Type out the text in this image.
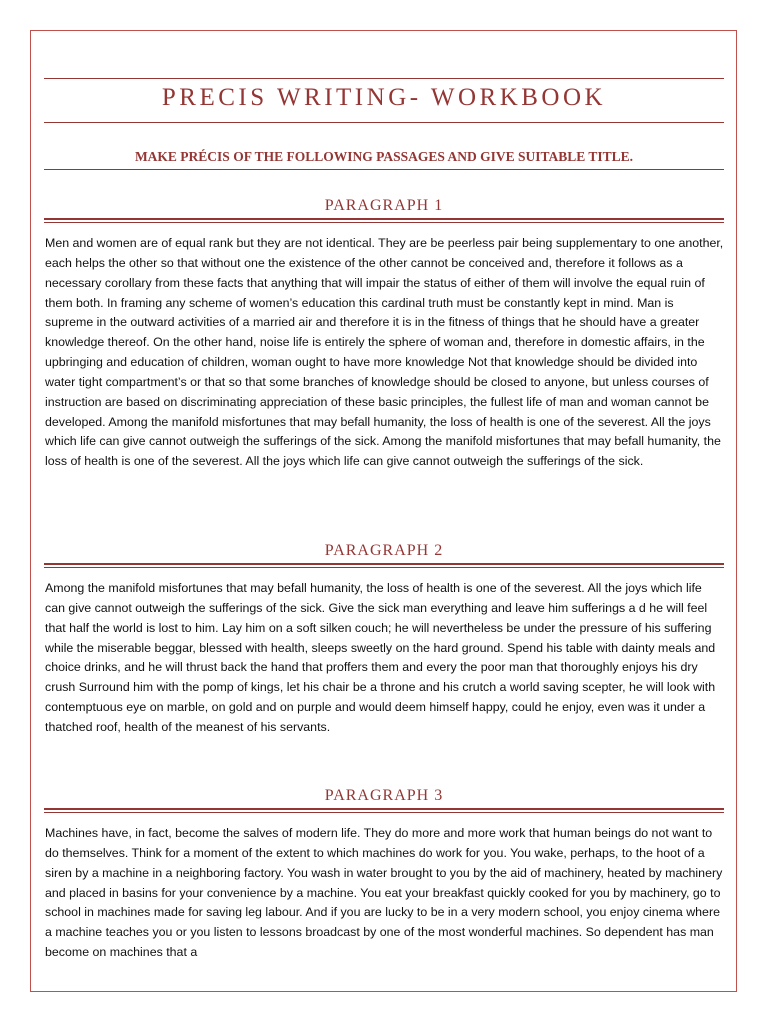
PRECIS WRITING- WORKBOOK
MAKE PRÉCIS OF THE FOLLOWING PASSAGES AND GIVE SUITABLE TITLE.
PARAGRAPH 1

Men and women are of equal rank but they are not identical. They are be peerless pair being supplementary to one another, each helps the other so that without one the existence of the other cannot be conceived and, therefore it follows as a necessary corollary from these facts that anything that will impair the status of either of them will involve the equal ruin of them both. In framing any scheme of women’s education this cardinal truth must be constantly kept in mind. Man is supreme in the outward activities of a married air and therefore it is in the fitness of things that he should have a greater knowledge thereof. On the other hand, noise life is entirely the sphere of woman and, therefore in domestic affairs, in the upbringing and education of children, woman ought to have more knowledge Not that knowledge should be divided into water tight compartment’s or that so that some branches of knowledge should be closed to anyone, but unless courses of instruction are based on discriminating appreciation of these basic principles, the fullest life of man and woman cannot be developed. Among the manifold misfortunes that may befall humanity, the loss of health is one of the severest. All the joys which life can give cannot outweigh the sufferings of the sick. Among the manifold misfortunes that may befall humanity, the loss of health is one of the severest. All the joys which life can give cannot outweigh the sufferings of the sick.

PARAGRAPH 2

Among the manifold misfortunes that may befall humanity, the loss of health is one of the severest. All the joys which life can give cannot outweigh the sufferings of the sick. Give the sick man everything and leave him sufferings a d he will feel that half the world is lost to him. Lay him on a soft silken couch; he will nevertheless be under the pressure of his suffering while the miserable beggar, blessed with health, sleeps sweetly on the hard ground. Spend his table with dainty meals and choice drinks, and he will thrust back the hand that proffers them and every the poor man that thoroughly enjoys his dry crush Surround him with the pomp of kings, let his chair be a throne and his crutch a world saving scepter, he will look with contemptuous eye on marble, on gold and on purple and would deem himself happy, could he enjoy, even was it under a thatched roof, health of the meanest of his servants.

PARAGRAPH 3

Machines have, in fact, become the salves of modern life. They do more and more work that human beings do not want to do themselves. Think for a moment of the extent to which machines do work for you. You wake, perhaps, to the hoot of a siren by a machine in a neighboring factory. You wash in water brought to you by the aid of machinery, heated by machinery and placed in basins for your convenience by a machine. You eat your breakfast quickly cooked for you by machinery, go to school in machines made for saving leg labour. And if you are lucky to be in a very modern school, you enjoy cinema where a machine teaches you or you listen to lessons broadcast by one of the most wonderful machines. So dependent has man become on machines that a
